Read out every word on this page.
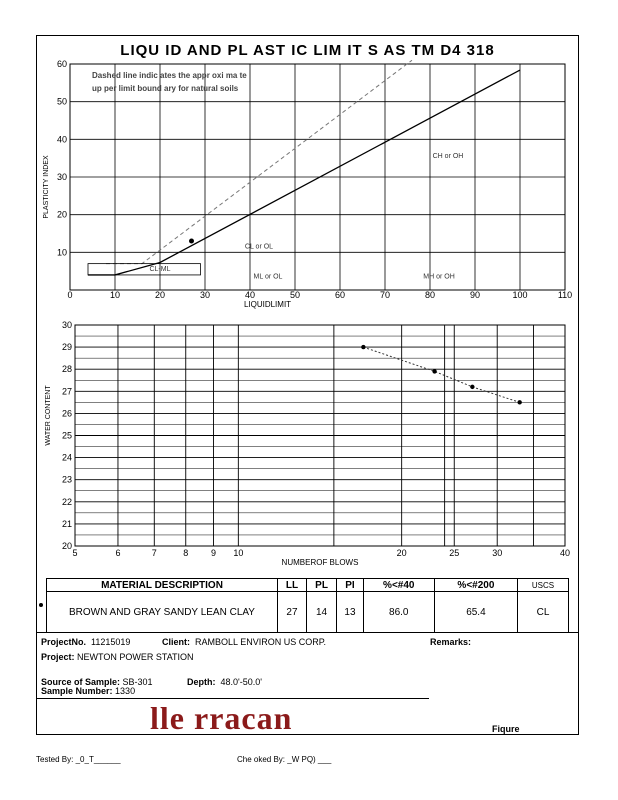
LIQU ID AND PL AST IC LIM IT S AS TM D4 318
0	10	20	30	40	50	60	70	80	90	100	110
10
20
30
40
50
60
LIQUIDLIMIT
PLASTICITY INDEX
Dashed line indic ates the appr oxi ma te
up per limit bound ary for natural soils
CL-ML
ML or OL	MH or OH
CL or OL
CH or OH
5	6	7	8	9 10	20	25	30	40
20
21
22
23
24
25
26
27
28
29
30
NUMBEROF BLOWS
WATER CONTENT
MATERIAL DESCRIPTION	LL	PL	PI	%<#40	%<#200	USCS
BROWN AND GRAY SANDY LEAN CLAY	27	14	13	86.0	65.4	CL
ProjectNo. 11215019	Client: RAMBOLL ENVIRON US CORP.	Remarks:
Project: NEWTON POWER STATION
Source of Sample: SB-301	Depth: 48.0'-50.0'
Sample Number: 1330
lle rracan	Fiqure
Tested By: _0_T______	Che oked By: _W PQ) ___
